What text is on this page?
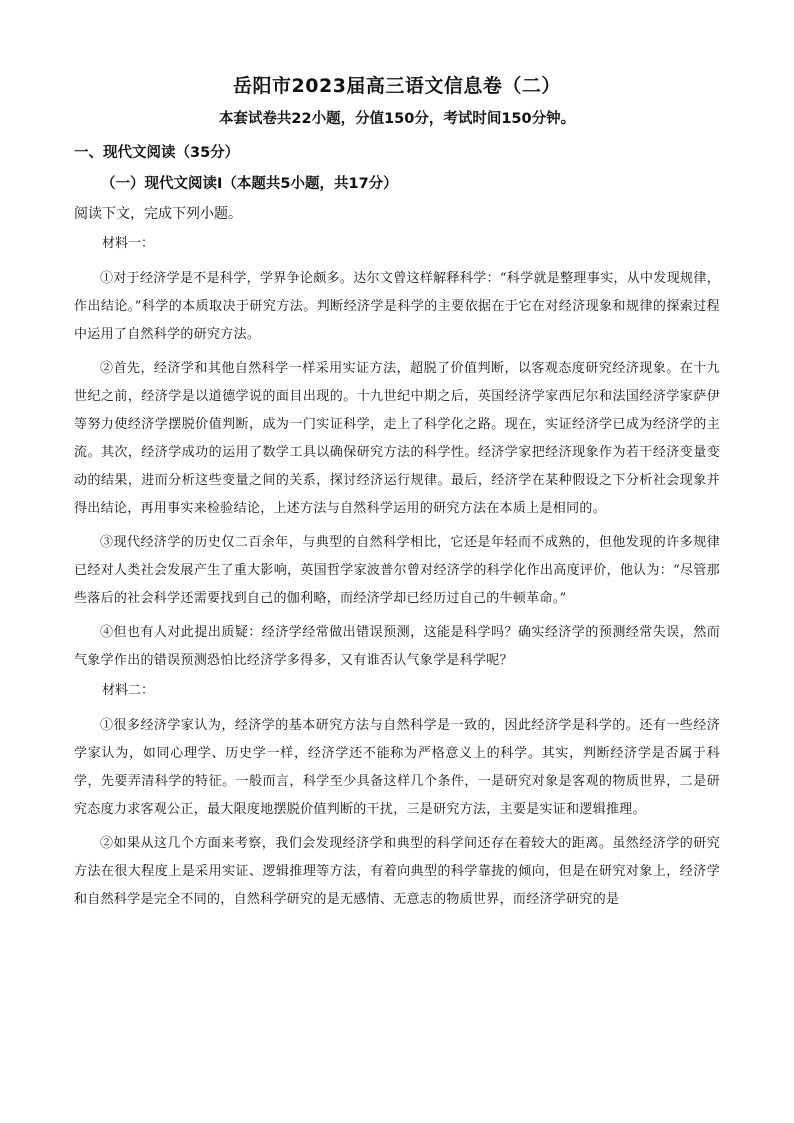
岳阳市2023届高三语文信息卷（二）
本套试卷共22小题，分值150分，考试时间150分钟。
一、现代文阅读（35分）
（一）现代文阅读Ⅰ（本题共5小题，共17分）
阅读下文，完成下列小题。
材料一：

①对于经济学是不是科学，学界争论颇多。达尔文曾这样解释科学：“科学就是整理事实，从中发现规律，作出结论。”科学的本质取决于研究方法。判断经济学是科学的主要依据在于它在对经济现象和规律的探索过程中运用了自然科学的研究方法。

②首先，经济学和其他自然科学一样采用实证方法，超脱了价值判断，以客观态度研究经济现象。在十九世纪之前，经济学是以道德学说的面目出现的。十九世纪中期之后，英国经济学家西尼尔和法国经济学家萨伊等努力使经济学摆脱价值判断，成为一门实证科学，走上了科学化之路。现在，实证经济学已成为经济学的主流。其次，经济学成功的运用了数学工具以确保研究方法的科学性。经济学家把经济现象作为若干经济变量变动的结果，进而分析这些变量之间的关系，探讨经济运行规律。最后，经济学在某种假设之下分析社会现象并得出结论，再用事实来检验结论，上述方法与自然科学运用的研究方法在本质上是相同的。

③现代经济学的历史仅二百余年，与典型的自然科学相比，它还是年轻而不成熟的，但他发现的许多规律已经对人类社会发展产生了重大影响，英国哲学家波普尔曾对经济学的科学化作出高度评价，他认为：“尽管那些落后的社会科学还需要找到自己的伽利略，而经济学却已经历过自己的牛顿革命。”

④但也有人对此提出质疑：经济学经常做出错误预测，这能是科学吗？确实经济学的预测经常失误，然而气象学作出的错误预测恐怕比经济学多得多，又有谁否认气象学是科学呢？

材料二：

①很多经济学家认为，经济学的基本研究方法与自然科学是一致的，因此经济学是科学的。还有一些经济学家认为，如同心理学、历史学一样，经济学还不能称为严格意义上的科学。其实，判断经济学是否属于科学，先要弄清科学的特征。一般而言，科学至少具备这样几个条件，一是研究对象是客观的物质世界，二是研究态度力求客观公正，最大限度地摆脱价值判断的干扰，三是研究方法，主要是实证和逻辑推理。

②如果从这几个方面来考察，我们会发现经济学和典型的科学间还存在着较大的距离。虽然经济学的研究方法在很大程度上是采用实证、逻辑推理等方法，有着向典型的科学靠拢的倾向，但是在研究对象上，经济学和自然科学是完全不同的，自然科学研究的是无感情、无意志的物质世界，而经济学研究的是
